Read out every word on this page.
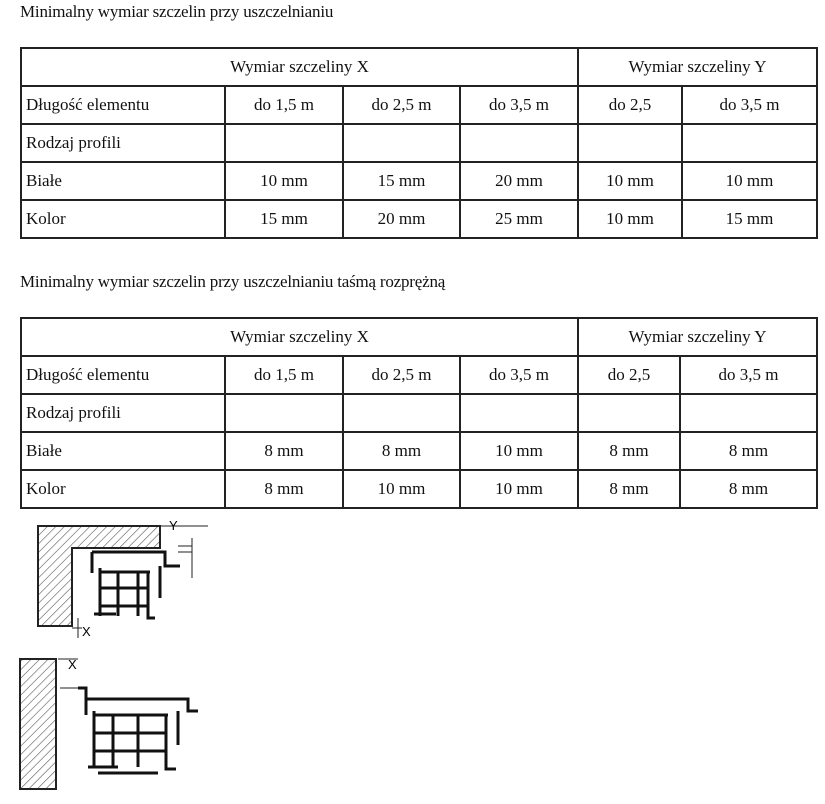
Minimalny wymiar szczelin przy uszczelnianiu
Wymiar szczeliny X				Wymiar szczeliny Y	
Długość elementu	do 1,5 m	do 2,5 m	do 3,5 m	do 2,5	do 3,5 m
Rodzaj profili					
Białe	10 mm	15 mm	20 mm	10 mm	10 mm
Kolor	15 mm	20 mm	25 mm	10 mm	15 mm
Minimalny wymiar szczelin przy uszczelnianiu taśmą rozprężną
Wymiar szczeliny X				Wymiar szczeliny Y	
Długość elementu	do 1,5 m	do 2,5 m	do 3,5 m	do 2,5	do 3,5 m
Rodzaj profili					
Białe	8 mm	8 mm	10 mm	8 mm	8 mm
Kolor	8 mm	10 mm	10 mm	8 mm	8 mm
Y
X
X
